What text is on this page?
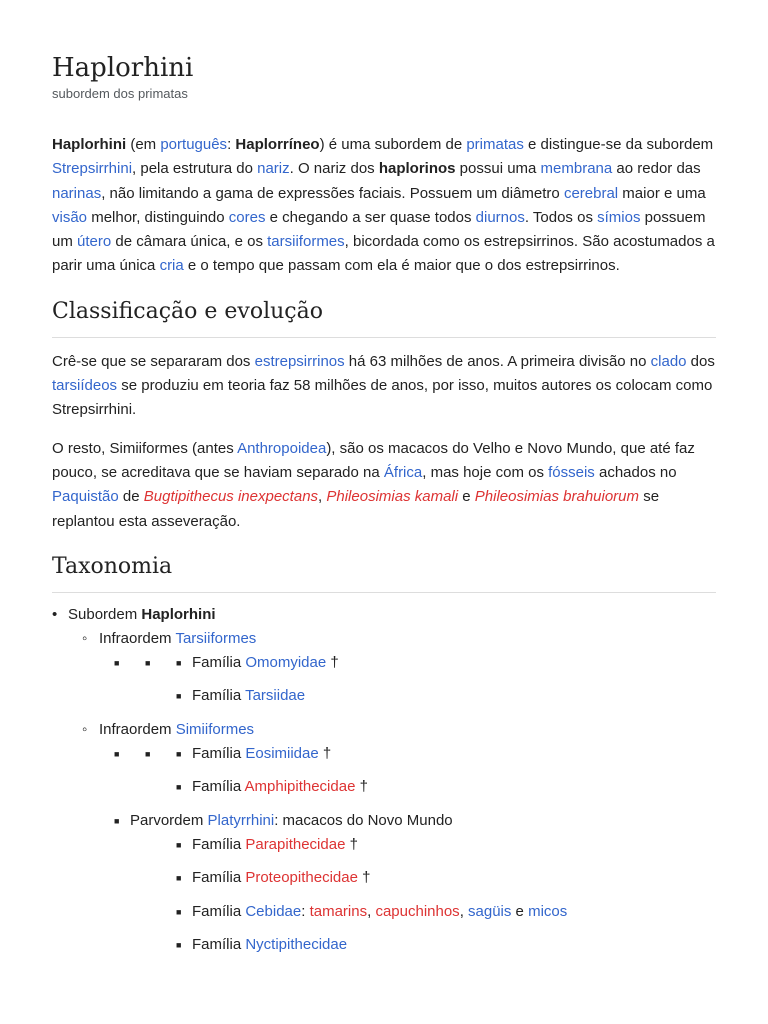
Haplorhini
subordem dos primatas

Haplorhini (em português: Haplorríneo) é uma subordem de primatas e distingue-se da subordem Strepsirrhini, pela estrutura do nariz. O nariz dos haplorinos possui uma membrana ao redor das narinas, não limitando a gama de expressões faciais. Possuem um diâmetro cerebral maior e uma visão melhor, distinguindo cores e chegando a ser quase todos diurnos. Todos os símios possuem um útero de câmara única, e os tarsiiformes, bicordada como os estrepsirrinos. São acostumados a parir uma única cria e o tempo que passam com ela é maior que o dos estrepsirrinos.

Classificação e evolução

Crê-se que se separaram dos estrepsirrinos há 63 milhões de anos. A primeira divisão no clado dos tarsiídeos se produziu em teoria faz 58 milhões de anos, por isso, muitos autores os colocam como Strepsirrhini.

O resto, Simiiformes (antes Anthropoidea), são os macacos do Velho e Novo Mundo, que até faz pouco, se acreditava que se haviam separado na África, mas hoje com os fósseis achados no Paquistão de Bugtipithecus inexpectans, Phileosimias kamali e Phileosimias brahuiorum se replantou esta asseveração.

Taxonomia
• Subordem Haplorhini
◦ Infraordem Tarsiiformes
■	■	■ Família Omomyidae †
■ Família Tarsiidae
◦ Infraordem Simiiformes
■	■	■ Família Eosimiidae †
■ Família Amphipithecidae †
■ Parvordem Platyrrhini: macacos do Novo Mundo
■ Família Parapithecidae †
■ Família Proteopithecidae †
■ Família Cebidae: tamarins, capuchinhos, sagüis e micos
■ Família Nyctipithecidae
